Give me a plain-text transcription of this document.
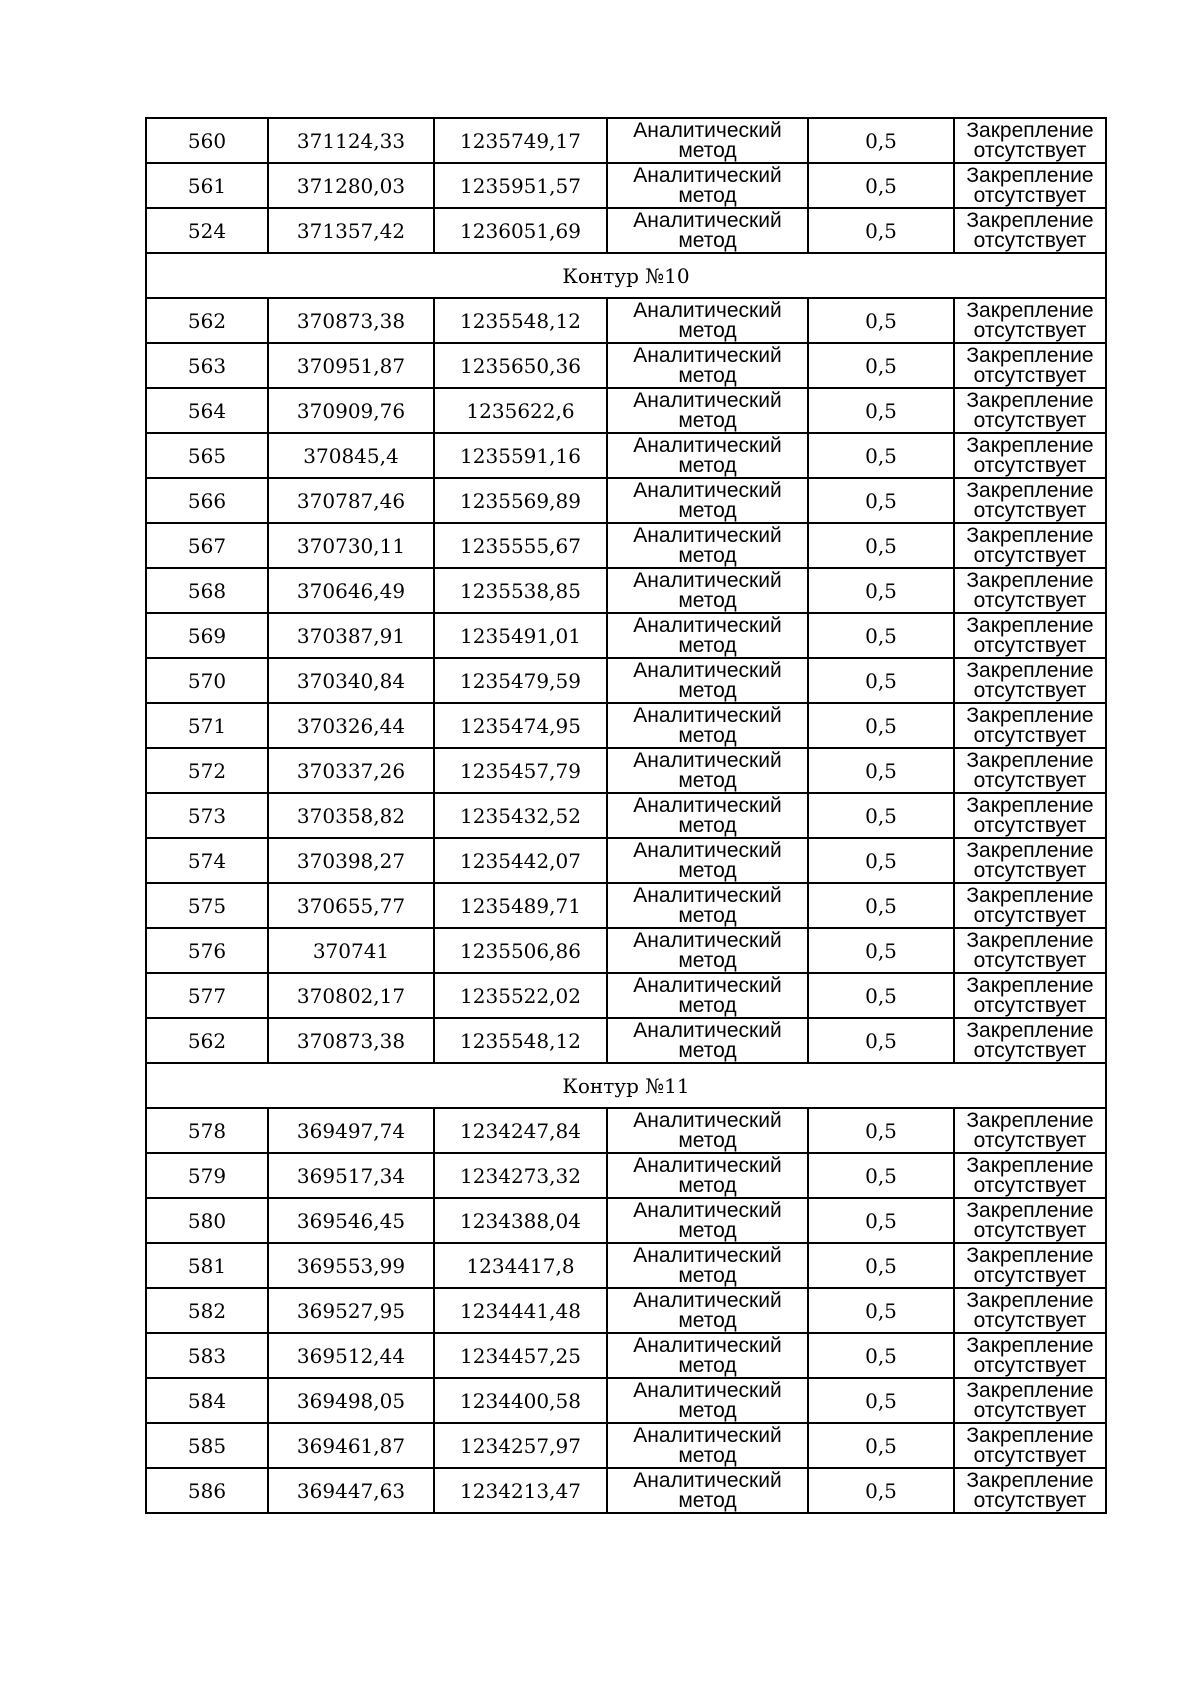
560	371124,33	1235749,17	Аналитический
метод	0,5	Закрепление
отсутствует

561	371280,03	1235951,57	Аналитический
метод	0,5	Закрепление
отсутствует

524	371357,42	1236051,69	Аналитический
метод	0,5	Закрепление
отсутствует

Контур №10					
562	370873,38	1235548,12	Аналитический
метод	0,5	Закрепление
отсутствует

563	370951,87	1235650,36	Аналитический
метод	0,5	Закрепление
отсутствует

564	370909,76	1235622,6	Аналитический
метод	0,5	Закрепление
отсутствует

565	370845,4	1235591,16	Аналитический
метод	0,5	Закрепление
отсутствует

566	370787,46	1235569,89	Аналитический
метод	0,5	Закрепление
отсутствует

567	370730,11	1235555,67	Аналитический
метод	0,5	Закрепление
отсутствует

568	370646,49	1235538,85	Аналитический
метод	0,5	Закрепление
отсутствует

569	370387,91	1235491,01	Аналитический
метод	0,5	Закрепление
отсутствует

570	370340,84	1235479,59	Аналитический
метод	0,5	Закрепление
отсутствует

571	370326,44	1235474,95	Аналитический
метод	0,5	Закрепление
отсутствует

572	370337,26	1235457,79	Аналитический
метод	0,5	Закрепление
отсутствует

573	370358,82	1235432,52	Аналитический
метод	0,5	Закрепление
отсутствует

574	370398,27	1235442,07	Аналитический
метод	0,5	Закрепление
отсутствует

575	370655,77	1235489,71	Аналитический
метод	0,5	Закрепление
отсутствует

576	370741	1235506,86	Аналитический
метод	0,5	Закрепление
отсутствует

577	370802,17	1235522,02	Аналитический
метод	0,5	Закрепление
отсутствует

562	370873,38	1235548,12	Аналитический
метод	0,5	Закрепление
отсутствует

Контур №11					
578	369497,74	1234247,84	Аналитический
метод	0,5	Закрепление
отсутствует

579	369517,34	1234273,32	Аналитический
метод	0,5	Закрепление
отсутствует

580	369546,45	1234388,04	Аналитический
метод	0,5	Закрепление
отсутствует

581	369553,99	1234417,8	Аналитический
метод	0,5	Закрепление
отсутствует

582	369527,95	1234441,48	Аналитический
метод	0,5	Закрепление
отсутствует

583	369512,44	1234457,25	Аналитический
метод	0,5	Закрепление
отсутствует

584	369498,05	1234400,58	Аналитический
метод	0,5	Закрепление
отсутствует

585	369461,87	1234257,97	Аналитический
метод	0,5	Закрепление
отсутствует

586	369447,63	1234213,47	Аналитический
метод	0,5	Закрепление
отсутствует
